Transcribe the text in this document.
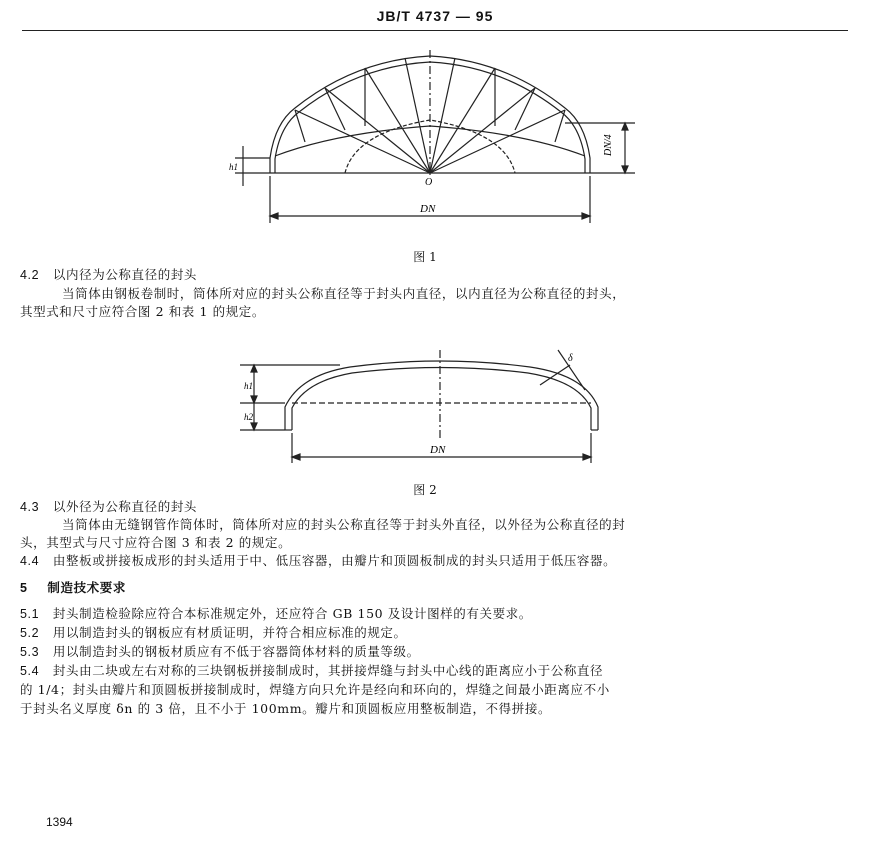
JB/T 4737 — 95
DN
DN/4
h1
O
图 1
4.2 以内径为公称直径的封头
当筒体由钢板卷制时，筒体所对应的封头公称直径等于封头内直径，以内直径为公称直径的封头，
其型式和尺寸应符合图 2 和表 1 的规定。
DN
h1
h2
δ
图 2
4.3 以外径为公称直径的封头
当筒体由无缝钢管作筒体时，筒体所对应的封头公称直径等于封头外直径，以外径为公称直径的封
头，其型式与尺寸应符合图 3 和表 2 的规定。
4.4 由整板或拼接板成形的封头适用于中、低压容器，由瓣片和顶圆板制成的封头只适用于低压容器。
5 制造技术要求
5.1 封头制造检验除应符合本标准规定外，还应符合 GB 150 及设计图样的有关要求。
5.2 用以制造封头的钢板应有材质证明，并符合相应标准的规定。
5.3 用以制造封头的钢板材质应有不低于容器筒体材料的质量等级。
5.4 封头由二块或左右对称的三块钢板拼接制成时，其拼接焊缝与封头中心线的距离应小于公称直径
的 1/4；封头由瓣片和顶圆板拼接制成时，焊缝方向只允许是经向和环向的，焊缝之间最小距离应不小
于封头名义厚度 δn 的 3 倍，且不小于 100mm。瓣片和顶圆板应用整板制造，不得拼接。
1394
